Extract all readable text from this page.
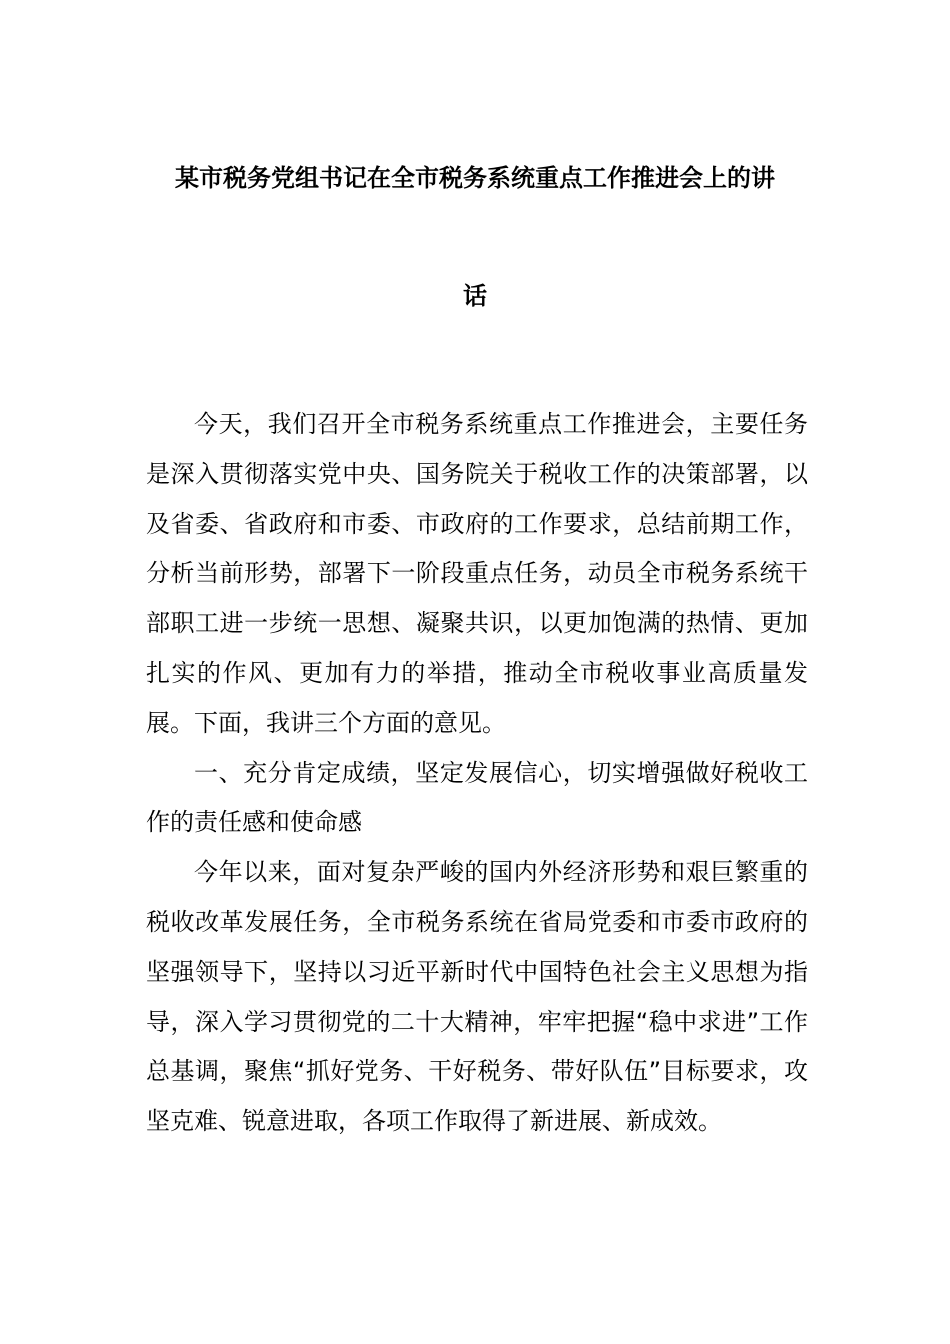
某市税务党组书记在全市税务系统重点工作推进会上的讲
话

今天，我们召开全市税务系统重点工作推进会，主要任务是深入贯彻落实党中央、国务院关于税收工作的决策部署，以及省委、省政府和市委、市政府的工作要求，总结前期工作，分析当前形势，部署下一阶段重点任务，动员全市税务系统干部职工进一步统一思想、凝聚共识，以更加饱满的热情、更加扎实的作风、更加有力的举措，推动全市税收事业高质量发展。下面，我讲三个方面的意见。

一、充分肯定成绩，坚定发展信心，切实增强做好税收工作的责任感和使命感

今年以来，面对复杂严峻的国内外经济形势和艰巨繁重的税收改革发展任务，全市税务系统在省局党委和市委市政府的坚强领导下，坚持以习近平新时代中国特色社会主义思想为指导，深入学习贯彻党的二十大精神，牢牢把握“稳中求进”工作总基调，聚焦“抓好党务、干好税务、带好队伍”目标要求，攻坚克难、锐意进取，各项工作取得了新进展、新成效。
